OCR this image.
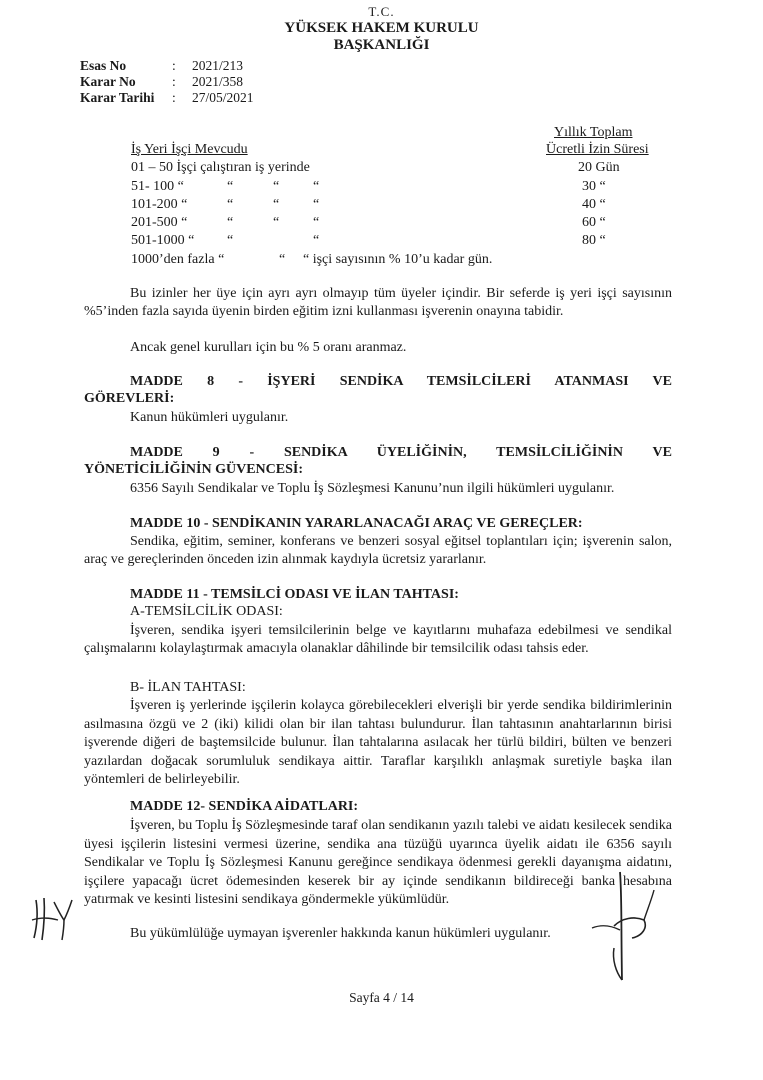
T.C.
YÜKSEK HAKEM KURULU
BAŞKANLIĞI
Esas No	: 2021/213
Karar No	: 2021/358
Karar Tarihi : 27/05/2021
Yıllık Toplam
İş Yeri İşçi Mevcudu	Ücretli İzin Süresi
01 – 50 İşçi çalıştıran iş yerinde	20 Gün
51- 100 “	“	“ “	30 “
101-200 “	“	“ “	40 “
201-500 “	“	“ “	60 “
501-1000 “ “	“	80 “
1000’den fazla “	“ “ işçi sayısının % 10’u kadar gün.
Bu izinler her üye için ayrı ayrı olmayıp tüm üyeler içindir. Bir seferde iş yeri işçi sayısının %5’inden fazla sayıda üyenin birden eğitim izni kullanması işverenin onayına tabidir.
Ancak genel kurulları için bu % 5 oranı aranmaz.
MADDE 8 - İŞYERİ SENDİKA TEMSİLCİLERİ ATANMASI VE
GÖREVLERİ:
Kanun hükümleri uygulanır.
MADDE 9 - SENDİKA ÜYELİĞİNİN, TEMSİLCİLİĞİNİN VE
YÖNETİCİLİĞİNİN GÜVENCESİ:
6356 Sayılı Sendikalar ve Toplu İş Sözleşmesi Kanunu’nun ilgili hükümleri uygulanır.
MADDE 10 - SENDİKANIN YARARLANACAĞI ARAÇ VE GEREÇLER:
Sendika, eğitim, seminer, konferans ve benzeri sosyal eğitsel toplantıları için; işverenin salon, araç ve gereçlerinden önceden izin alınmak kaydıyla ücretsiz yararlanır.
MADDE 11 - TEMSİLCİ ODASI VE İLAN TAHTASI:
A-TEMSİLCİLİK ODASI:
İşveren, sendika işyeri temsilcilerinin belge ve kayıtlarını muhafaza edebilmesi ve sendikal çalışmalarını kolaylaştırmak amacıyla olanaklar dâhilinde bir temsilcilik odası tahsis eder.
B- İLAN TAHTASI:
İşveren iş yerlerinde işçilerin kolayca görebilecekleri elverişli bir yerde sendika bildirimlerinin asılmasına özgü ve 2 (iki) kilidi olan bir ilan tahtası bulundurur. İlan tahtasının anahtarlarının birisi işverende diğeri de baştemsilcide bulunur. İlan tahtalarına asılacak her türlü bildiri, bülten ve benzeri yazılardan doğacak sorumluluk sendikaya aittir. Taraflar karşılıklı anlaşmak suretiyle başka ilan yöntemleri de belirleyebilir.
MADDE 12- SENDİKA AİDATLARI:
İşveren, bu Toplu İş Sözleşmesinde taraf olan sendikanın yazılı talebi ve aidatı kesilecek sendika üyesi işçilerin listesini vermesi üzerine, sendika ana tüzüğü uyarınca üyelik aidatı ile 6356 sayılı Sendikalar ve Toplu İş Sözleşmesi Kanunu gereğince sendikaya ödenmesi gerekli dayanışma aidatını, işçilere yapacağı ücret ödemesinden keserek bir ay içinde sendikanın bildireceği banka hesabına yatırmak ve kesinti listesini sendikaya göndermekle yükümlüdür.
Bu yükümlülüğe uymayan işverenler hakkında kanun hükümleri uygulanır.
Sayfa 4 / 14
